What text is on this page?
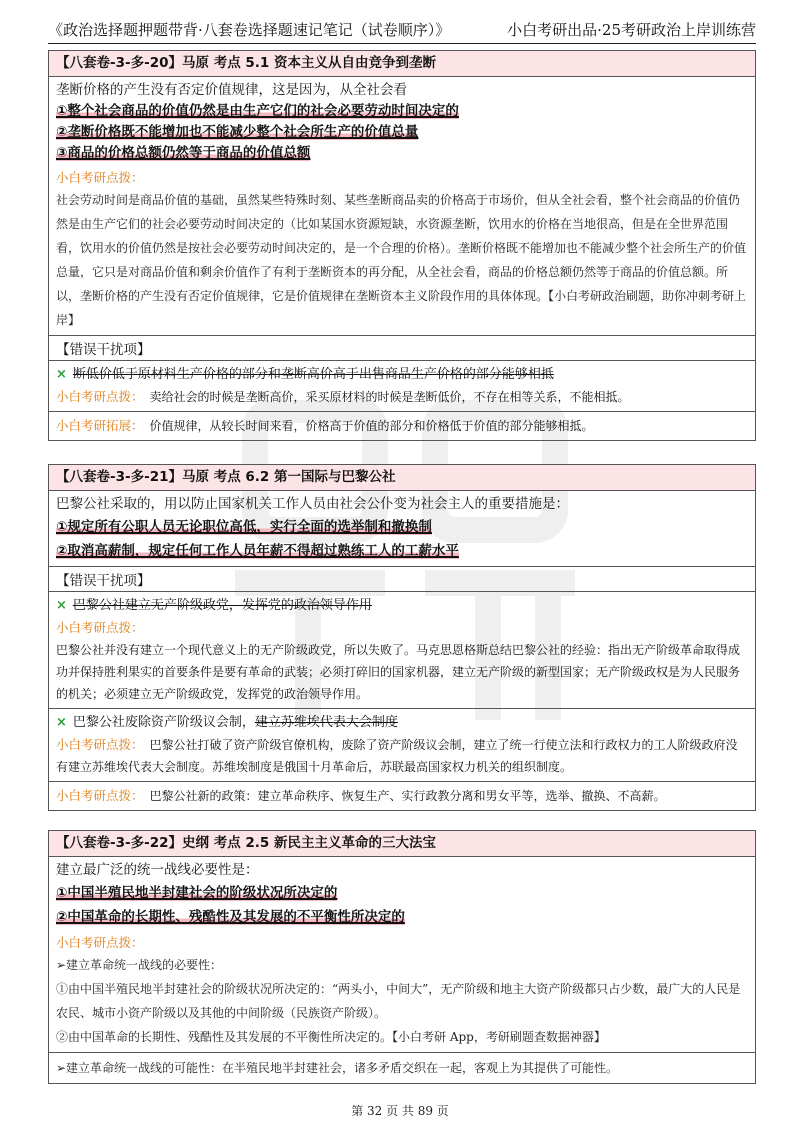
《政治选择题押题带背·八套卷选择题速记笔记（试卷顺序）》	小白考研出品·25考研政治上岸训练营
【八套卷-3-多-20】马原 考点 5.1 资本主义从自由竞争到垄断
垄断价格的产生没有否定价值规律，这是因为，从全社会看
①整个社会商品的价值仍然是由生产它们的社会必要劳动时间决定的
②垄断价格既不能增加也不能减少整个社会所生产的价值总量
③商品的价格总额仍然等于商品的价值总额
小白考研点拨：
社会劳动时间是商品价值的基础，虽然某些特殊时刻、某些垄断商品卖的价格高于市场价，但从全社会看，整个社会商品的价值仍然是由生产它们的社会必要劳动时间决定的（比如某国水资源短缺，水资源垄断，饮用水的价格在当地很高，但是在全世界范围看，饮用水的价值仍然是按社会必要劳动时间决定的，是一个合理的价格）。垄断价格既不能增加也不能减少整个社会所生产的价值总量，它只是对商品价值和剩余价值作了有利于垄断资本的再分配，从全社会看，商品的价格总额仍然等于商品的价值总额。所以，垄断价格的产生没有否定价值规律，它是价值规律在垄断资本主义阶段作用的具体体现。【小白考研政治刷题，助你冲刺考研上岸】
【错误干扰项】
× 断低价低于原材料生产价格的部分和垄断高价高于出售商品生产价格的部分能够相抵
小白考研点拨： 卖给社会的时候是垄断高价，采买原材料的时候是垄断低价，不存在相等关系，不能相抵。
小白考研拓展： 价值规律，从较长时间来看，价格高于价值的部分和价格低于价值的部分能够相抵。
【八套卷-3-多-21】马原 考点 6.2 第一国际与巴黎公社
巴黎公社采取的，用以防止国家机关工作人员由社会公仆变为社会主人的重要措施是：
①规定所有公职人员无论职位高低，实行全面的选举制和撤换制
②取消高薪制，规定任何工作人员年薪不得超过熟练工人的工薪水平
【错误干扰项】
× 巴黎公社建立无产阶级政党，发挥党的政治领导作用
小白考研点拨：
巴黎公社并没有建立一个现代意义上的无产阶级政党，所以失败了。马克思恩格斯总结巴黎公社的经验：指出无产阶级革命取得成功并保持胜利果实的首要条件是要有革命的武装；必须打碎旧的国家机器，建立无产阶级的新型国家；无产阶级政权是为人民服务的机关；必须建立无产阶级政党，发挥党的政治领导作用。
× 巴黎公社废除资产阶级议会制，建立苏维埃代表大会制度
小白考研点拨： 巴黎公社打破了资产阶级官僚机构，废除了资产阶级议会制，建立了统一行使立法和行政权力的工人阶级政府没有建立苏维埃代表大会制度。苏维埃制度是俄国十月革命后，苏联最高国家权力机关的组织制度。
小白考研点拨： 巴黎公社新的政策：建立革命秩序、恢复生产、实行政教分离和男女平等，选举、撤换、不高薪。
【八套卷-3-多-22】史纲 考点 2.5 新民主主义革命的三大法宝
建立最广泛的统一战线必要性是：
①中国半殖民地半封建社会的阶级状况所决定的
②中国革命的长期性、残酷性及其发展的不平衡性所决定的
小白考研点拨：
➢建立革命统一战线的必要性：
①由中国半殖民地半封建社会的阶级状况所决定的：“两头小，中间大”，无产阶级和地主大资产阶级都只占少数，最广大的人民是农民、城市小资产阶级以及其他的中间阶级（民族资产阶级）。
②由中国革命的长期性、残酷性及其发展的不平衡性所决定的。【小白考研 App，考研刷题查数据神器】
➢建立革命统一战线的可能性：在半殖民地半封建社会，诸多矛盾交织在一起，客观上为其提供了可能性。
第 32 页 共 89 页
